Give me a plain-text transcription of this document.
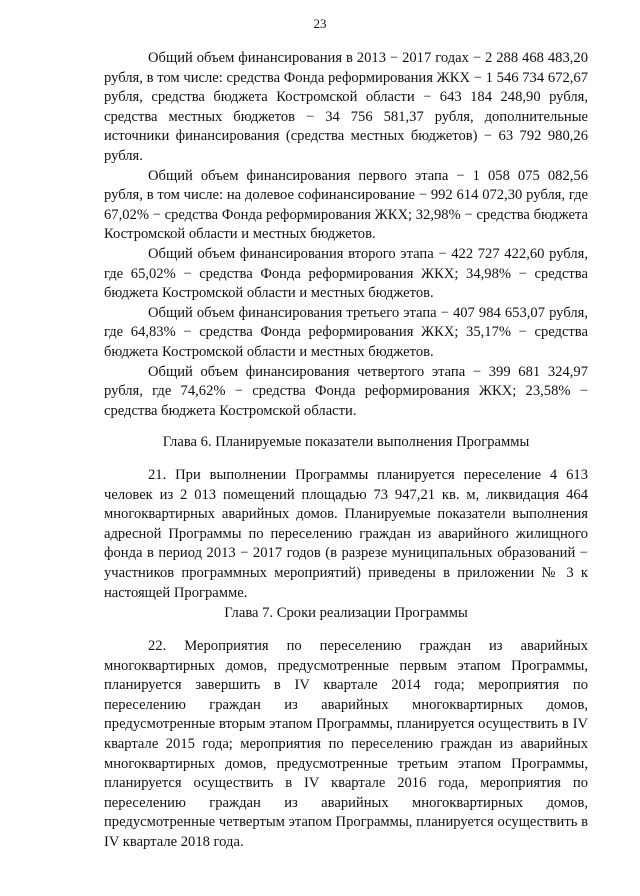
23

Общий объем финансирования в 2013 − 2017 годах − 2 288 468 483,20 рубля, в том числе: средства Фонда реформирования ЖКХ − 1 546 734 672,67 рубля, средства бюджета Костромской области − 643 184 248,90 рубля, средства местных бюджетов − 34 756 581,37 рубля, дополнительные источники финансирования (средства местных бюджетов) − 63 792 980,26 рубля.

Общий объем финансирования первого этапа − 1 058 075 082,56 рубля, в том числе: на долевое софинансирование − 992 614 072,30 рубля, где 67,02% − средства Фонда реформирования ЖКХ; 32,98% − средства бюджета Костромской области и местных бюджетов.

Общий объем финансирования второго этапа − 422 727 422,60 рубля, где 65,02% − средства Фонда реформирования ЖКХ; 34,98% − средства бюджета Костромской области и местных бюджетов.

Общий объем финансирования третьего этапа − 407 984 653,07 рубля, где 64,83% − средства Фонда реформирования ЖКХ; 35,17% − средства бюджета Костромской области и местных бюджетов.

Общий объем финансирования четвертого этапа − 399 681 324,97 рубля, где 74,62% − средства Фонда реформирования ЖКХ; 23,58% − средства бюджета Костромской области.

Глава 6. Планируемые показатели выполнения Программы

21. При выполнении Программы планируется переселение 4 613 человек из 2 013 помещений площадью 73 947,21 кв. м, ликвидация 464 многоквартирных аварийных домов. Планируемые показатели выполнения адресной Программы по переселению граждан из аварийного жилищного фонда в период 2013 − 2017 годов (в разрезе муниципальных образований − участников программных мероприятий) приведены в приложении № 3 к настоящей Программе.

Глава 7. Сроки реализации Программы

22. Мероприятия по переселению граждан из аварийных многоквартирных домов, предусмотренные первым этапом Программы, планируется завершить в IV квартале 2014 года; мероприятия по переселению граждан из аварийных многоквартирных домов, предусмотренные вторым этапом Программы, планируется осуществить в IV квартале 2015 года; мероприятия по переселению граждан из аварийных многоквартирных домов, предусмотренные третьим этапом Программы, планируется осуществить в IV квартале 2016 года, мероприятия по переселению граждан из аварийных многоквартирных домов, предусмотренные четвертым этапом Программы, планируется осуществить в IV квартале 2018 года.
